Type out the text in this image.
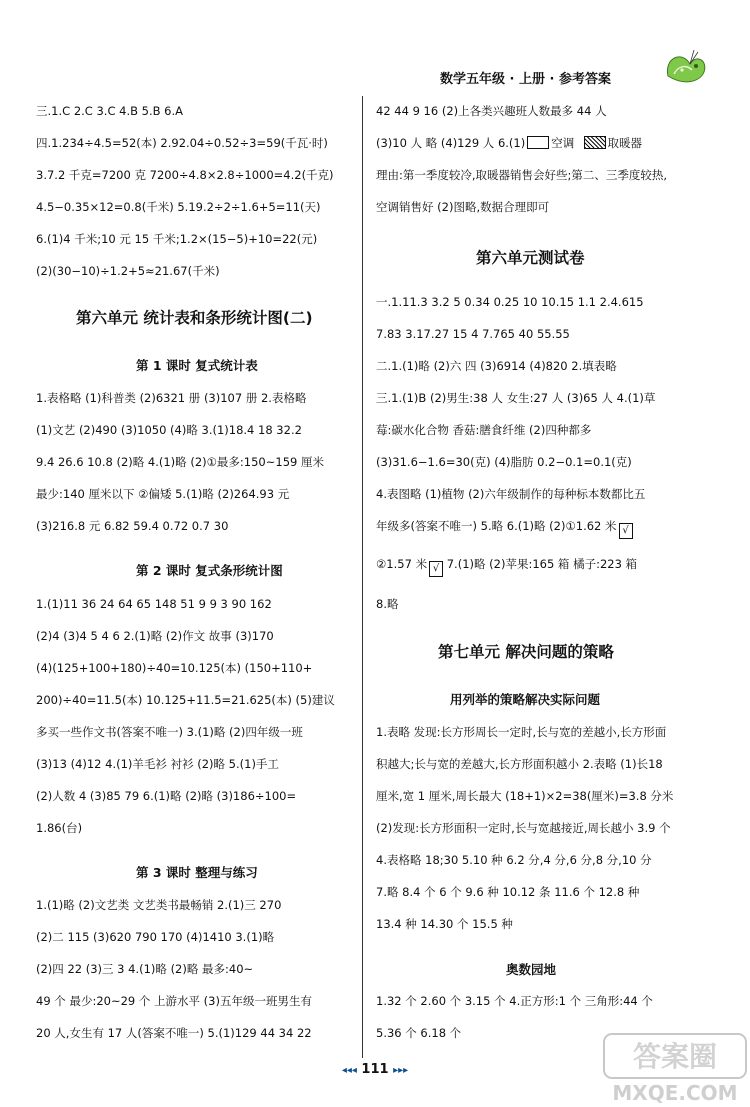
数学五年级 · 上册 · 参考答案
三.1.C 2.C 3.C 4.B 5.B 6.A
四.1.234÷4.5=52(本) 2.92.04÷0.52÷3=59(千瓦·时)
3.7.2 千克=7200 克 7200÷4.8×2.8÷1000=4.2(千克)
4.5−0.35×12=0.8(千米) 5.19.2÷2÷1.6+5=11(天)
6.(1)4 千米;10 元 15 千米;1.2×(15−5)+10=22(元)
(2)(30−10)÷1.2+5≈21.67(千米)
第六单元 统计表和条形统计图(二)
第 1 课时 复式统计表
1.表格略 (1)科普类 (2)6321 册 (3)107 册 2.表格略
(1)文艺 (2)490 (3)1050 (4)略 3.(1)18.4 18 32.2
9.4 26.6 10.8 (2)略 4.(1)略 (2)①最多:150~159 厘米
最少:140 厘米以下 ②偏矮 5.(1)略 (2)264.93 元
(3)216.8 元 6.82 59.4 0.72 0.7 30
第 2 课时 复式条形统计图
1.(1)11 36 24 64 65 148 51 9 9 3 90 162
(2)4 (3)4 5 4 6 2.(1)略 (2)作文 故事 (3)170
(4)(125+100+180)÷40=10.125(本) (150+110+
200)÷40=11.5(本) 10.125+11.5=21.625(本) (5)建议
多买一些作文书(答案不唯一) 3.(1)略 (2)四年级一班
(3)13 (4)12 4.(1)羊毛衫 衬衫 (2)略 5.(1)手工
(2)人数 4 (3)85 79 6.(1)略 (2)略 (3)186÷100=
1.86(台)
第 3 课时 整理与练习
1.(1)略 (2)文艺类 文艺类书最畅销 2.(1)三 270
(2)二 115 (3)620 790 170 (4)1410 3.(1)略
(2)四 22 (3)三 3 4.(1)略 (2)略 最多:40~
49 个 最少:20~29 个 上游水平 (3)五年级一班男生有
20 人,女生有 17 人(答案不唯一) 5.(1)129 44 34 22
42 44 9 16 (2)上各类兴趣班人数最多 44 人
(3)10 人 略 (4)129 人 6.(1) 空调	取暖器
理由:第一季度较冷,取暖器销售会好些;第二、三季度较热,
空调销售好 (2)图略,数据合理即可
第六单元测试卷
一.1.11.3 3.2 5 0.34 0.25 10 10.15 1.1 2.4.615
7.83 3.17.27 15 4 7.765 40 55.55
二.1.(1)略 (2)六 四 (3)6914 (4)820 2.填表略
三.1.(1)B (2)男生:38 人 女生:27 人 (3)65 人 4.(1)草
莓:碳水化合物 香菇:膳食纤维 (2)四种都多
(3)31.6−1.6=30(克) (4)脂肪 0.2−0.1=0.1(克)
4.表图略 (1)植物 (2)六年级制作的每种标本数都比五
年级多(答案不唯一) 5.略 6.(1)略 (2)①1.62 米 √
②1.57 米 √ 7.(1)略 (2)苹果:165 箱 橘子:223 箱
8.略
第七单元 解决问题的策略
用列举的策略解决实际问题
1.表略 发现:长方形周长一定时,长与宽的差越小,长方形面
积越大;长与宽的差越大,长方形面积越小 2.表略 (1)长18
厘米,宽 1 厘米,周长最大 (18+1)×2=38(厘米)=3.8 分米
(2)发现:长方形面积一定时,长与宽越接近,周长越小 3.9 个
4.表格略 18;30 5.10 种 6.2 分,4 分,6 分,8 分,10 分
7.略 8.4 个 6 个 9.6 种 10.12 条 11.6 个 12.8 种
13.4 种 14.30 个 15.5 种
奥数园地
1.32 个 2.60 个 3.15 个 4.正方形:1 个 三角形:44 个
5.36 个 6.18 个
◂◂◂ 111 ▸▸▸	答案圈
MXQE.COM
